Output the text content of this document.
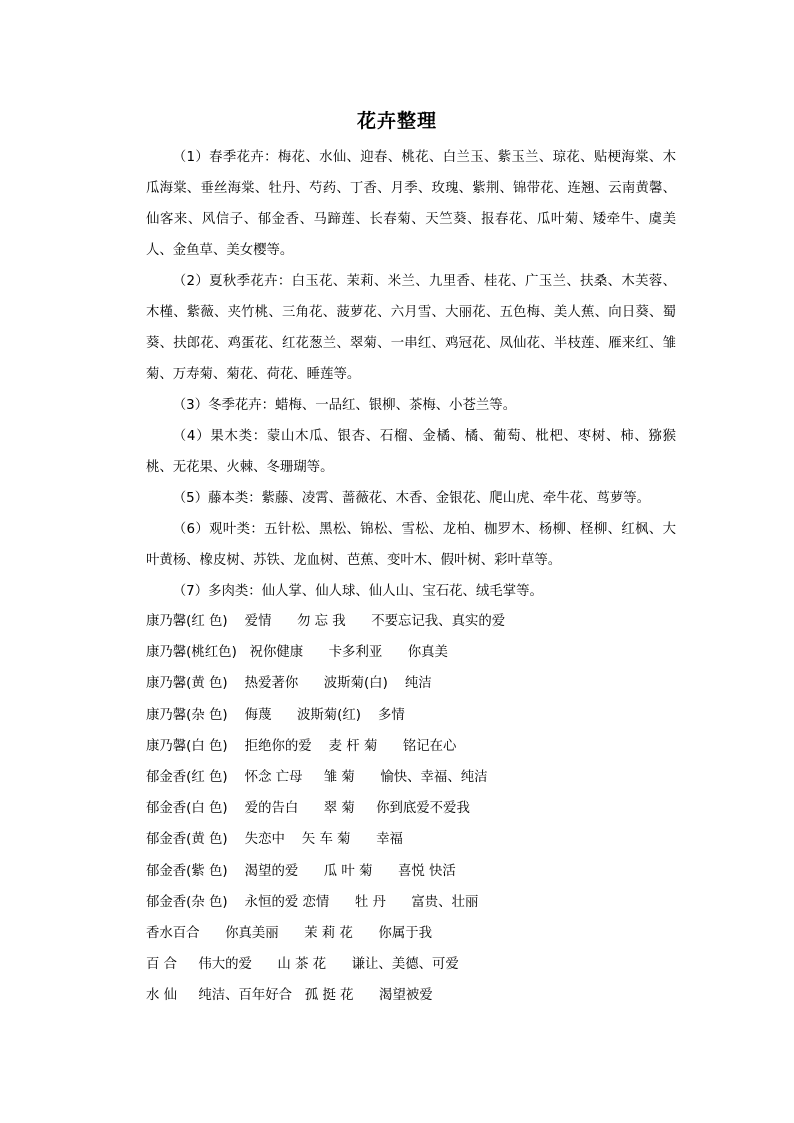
花卉整理

（1）春季花卉：梅花、水仙、迎春、桃花、白兰玉、紫玉兰、琼花、贴梗海棠、木瓜海棠、垂丝海棠、牡丹、芍药、丁香、月季、玫瑰、紫荆、锦带花、连翘、云南黄馨、仙客来、风信子、郁金香、马蹄莲、长春菊、天竺葵、报春花、瓜叶菊、矮牵牛、虞美人、金鱼草、美女樱等。

（2）夏秋季花卉：白玉花、茉莉、米兰、九里香、桂花、广玉兰、扶桑、木芙蓉、木槿、紫薇、夹竹桃、三角花、菠萝花、六月雪、大丽花、五色梅、美人蕉、向日葵、蜀葵、扶郎花、鸡蛋花、红花葱兰、翠菊、一串红、鸡冠花、凤仙花、半枝莲、雁来红、雏菊、万寿菊、菊花、荷花、睡莲等。

（3）冬季花卉：蜡梅、一品红、银柳、茶梅、小苍兰等。

（4）果木类：蒙山木瓜、银杏、石榴、金橘、橘、葡萄、枇杷、枣树、柿、猕猴桃、无花果、火棘、冬珊瑚等。

（5）藤本类：紫藤、凌霄、蔷薇花、木香、金银花、爬山虎、牵牛花、茑萝等。

（6）观叶类：五针松、黑松、锦松、雪松、龙柏、枷罗木、杨柳、柽柳、红枫、大叶黄杨、橡皮树、苏铁、龙血树、芭蕉、变叶木、假叶树、彩叶草等。

（7）多肉类：仙人掌、仙人球、仙人山、宝石花、绒毛掌等。

康乃馨(红 色)    爱情      勿 忘 我      不要忘记我、真实的爱
康乃馨(桃红色)   祝你健康      卡多利亚      你真美
康乃馨(黄 色)    热爱著你      波斯菊(白)    纯洁
康乃馨(杂 色)    侮蔑      波斯菊(红)    多情
康乃馨(白 色)    拒绝你的爱    麦 杆 菊      铭记在心
郁金香(红 色)    怀念 亡母     雏 菊      愉快、幸福、纯洁
郁金香(白 色)    爱的告白      翠 菊     你到底爱不爱我
郁金香(黄 色)    失恋中    矢 车 菊      幸福
郁金香(紫 色)    渴望的爱      瓜 叶 菊      喜悦 快活
郁金香(杂 色)    永恒的爱 恋情      牡 丹      富贵、壮丽
香水百合      你真美丽      茉 莉 花      你属于我
百 合     伟大的爱      山 茶 花      谦让、美德、可爱
水 仙     纯洁、百年好合   孤 挺 花      渴望被爱
